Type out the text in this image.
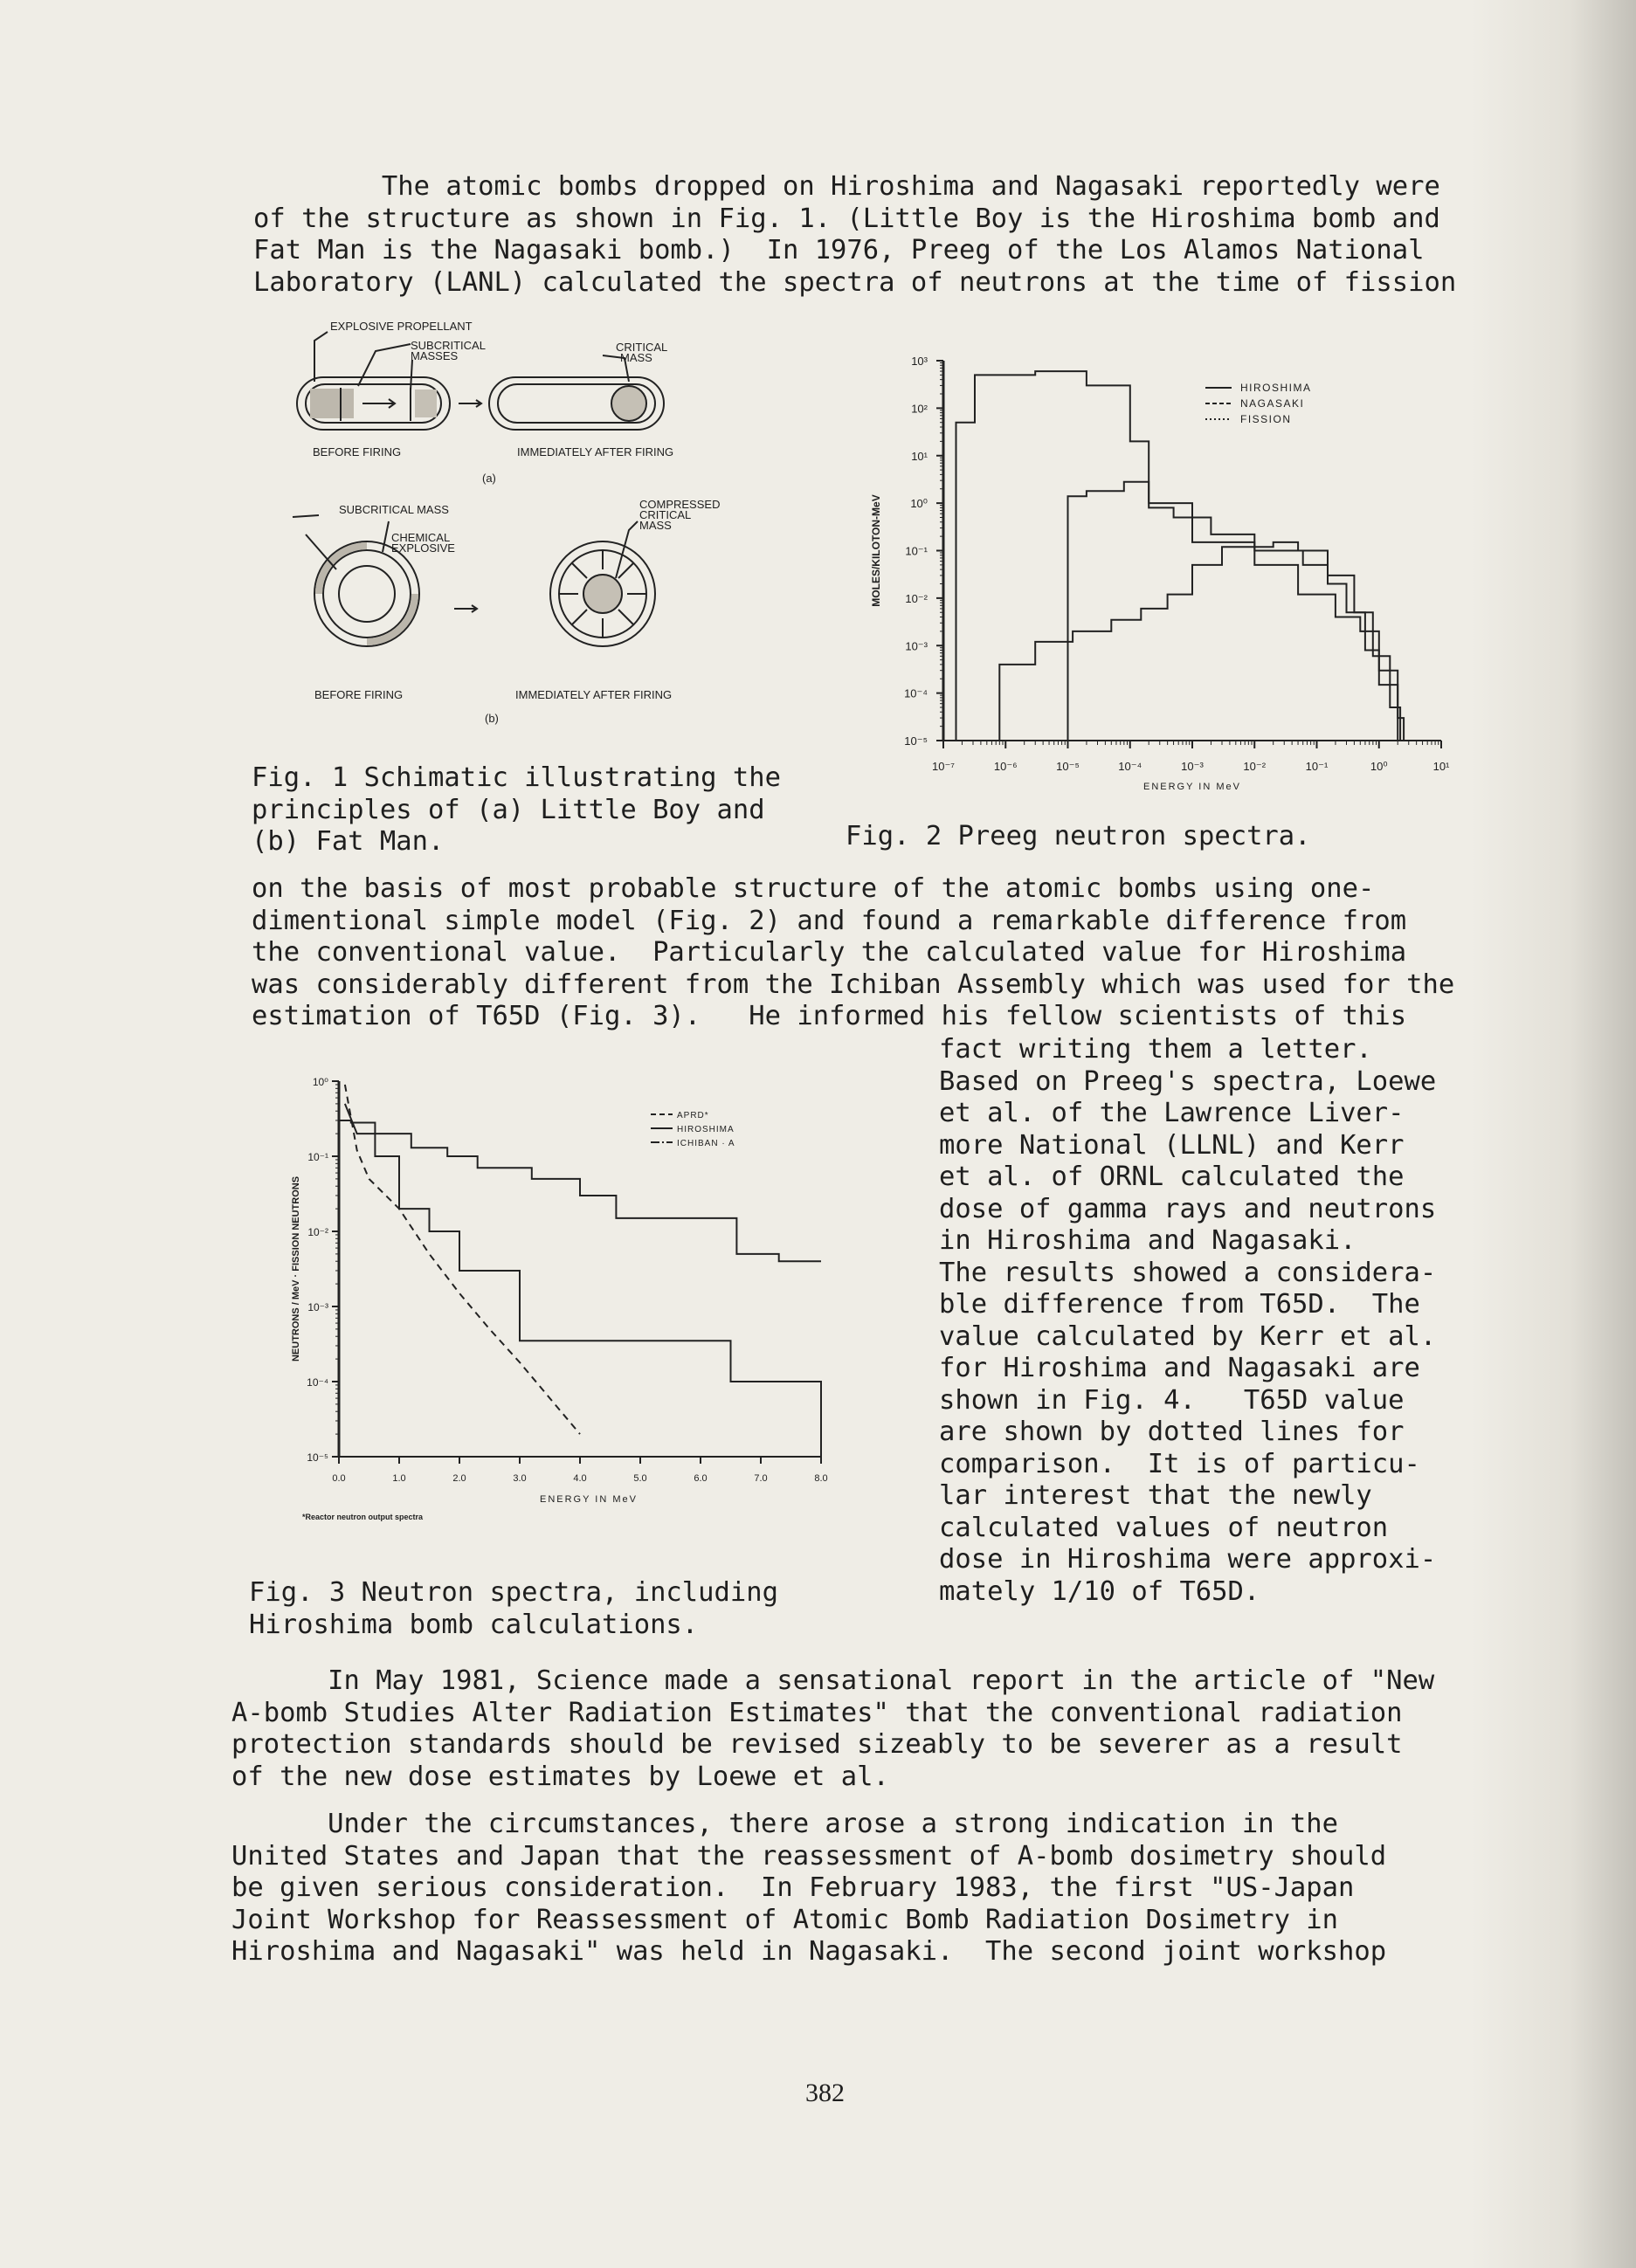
The atomic bombs dropped on Hiroshima and Nagasaki reportedly were
of the structure as shown in Fig. 1. (Little Boy is the Hiroshima bomb and
Fat Man is the Nagasaki bomb.)  In 1976, Preeg of the Los Alamos National
Laboratory (LANL) calculated the spectra of neutrons at the time of fission
EXPLOSIVE PROPELLANT
SUBCRITICAL
MASSES
CRITICAL
MASS
BEFORE FIRING	IMMEDIATELY AFTER FIRING
(a)
SUBCRITICAL MASS
CHEMICAL
EXPLOSIVE
COMPRESSED
CRITICAL
MASS
BEFORE FIRING	IMMEDIATELY AFTER FIRING
(b)
Fig. 1 Schimatic illustrating the
principles of (a) Little Boy and
(b) Fat Man.
10³
10²
10¹
10⁰
10⁻¹
10⁻²
10⁻³
10⁻⁴
10⁻⁵
10⁻⁷	10⁻⁶	10⁻⁵	10⁻⁴	10⁻³	10⁻²	10⁻¹	10⁰	10¹
ENERGY IN MeV
MOLES/KILOTON-MeV
HIROSHIMA
NAGASAKI
FISSION
Fig. 2 Preeg neutron spectra.
on the basis of most probable structure of the atomic bombs using one-
dimentional simple model (Fig. 2) and found a remarkable difference from
the conventional value.  Particularly the calculated value for Hiroshima
was considerably different from the Ichiban Assembly which was used for the
estimation of T65D (Fig. 3).   He informed his fellow scientists of this
fact writing them a letter.
Based on Preeg's spectra, Loewe
et al. of the Lawrence Liver-
more National (LLNL) and Kerr
et al. of ORNL calculated the
dose of gamma rays and neutrons
in Hiroshima and Nagasaki.
The results showed a considera-
ble difference from T65D.  The
value calculated by Kerr et al.
for Hiroshima and Nagasaki are
shown in Fig. 4.   T65D value
are shown by dotted lines for
comparison.  It is of particu-
lar interest that the newly
calculated values of neutron
dose in Hiroshima were approxi-
mately 1/10 of T65D.
10⁰
10⁻¹
10⁻²
10⁻³
10⁻⁴
10⁻⁵
0.0	1.0	2.0	3.0	4.0	5.0	6.0	7.0	8.0
ENERGY IN MeV
NEUTRONS / MeV · FISSION NEUTRONS
*Reactor neutron output spectra
APRD*
HIROSHIMA
ICHIBAN · A
Fig. 3 Neutron spectra, including
Hiroshima bomb calculations.
In May 1981, Science made a sensational report in the article of "New
A-bomb Studies Alter Radiation Estimates" that the conventional radiation
protection standards should be revised sizeably to be severer as a result
of the new dose estimates by Loewe et al.
Under the circumstances, there arose a strong indication in the
United States and Japan that the reassessment of A-bomb dosimetry should
be given serious consideration.  In February 1983, the first "US-Japan
Joint Workshop for Reassessment of Atomic Bomb Radiation Dosimetry in
Hiroshima and Nagasaki" was held in Nagasaki.  The second joint workshop
382
